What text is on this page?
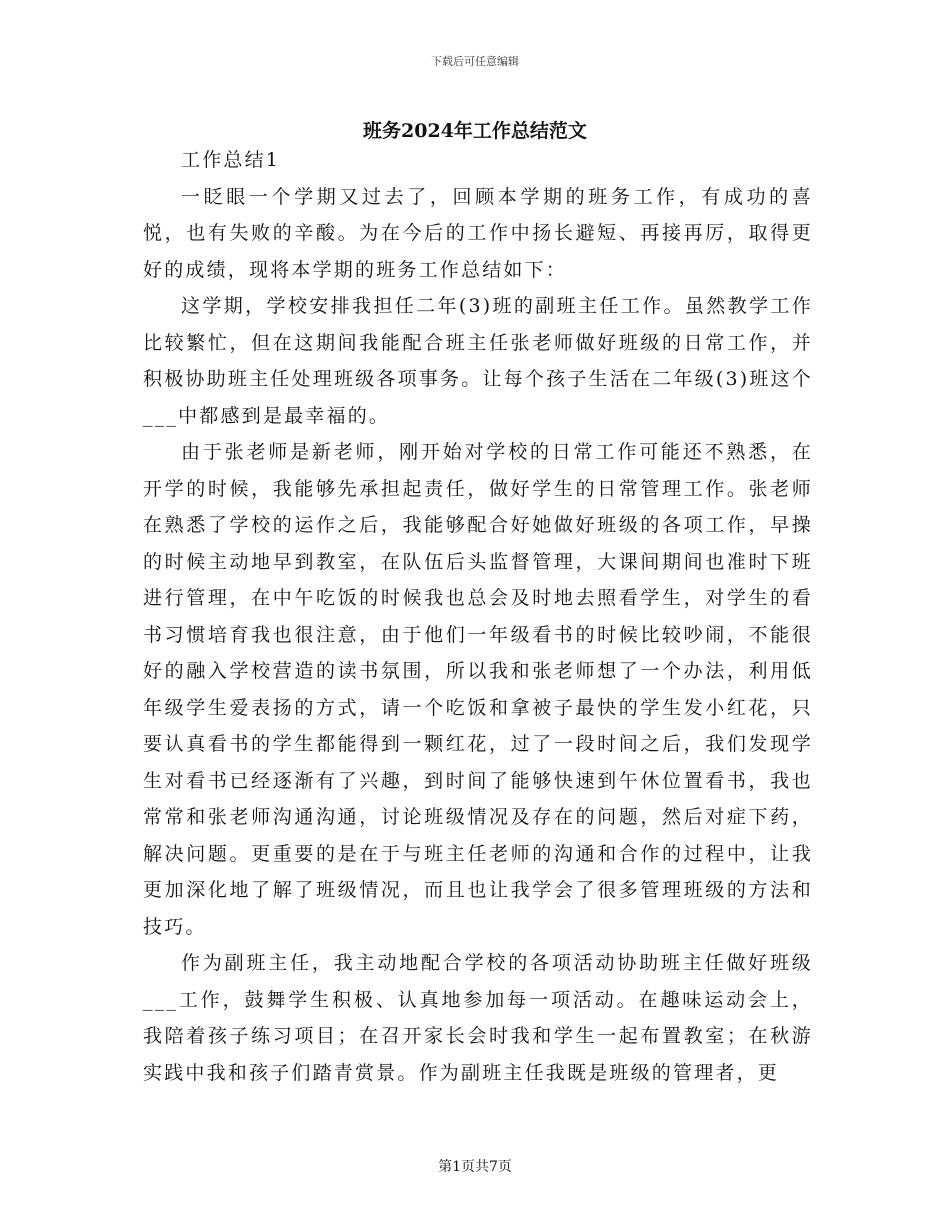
下载后可任意编辑
班务2024年工作总结范文

工作总结1

一眨眼一个学期又过去了，回顾本学期的班务工作，有成功的喜悦，也有失败的辛酸。为在今后的工作中扬长避短、再接再厉，取得更好的成绩，现将本学期的班务工作总结如下：

这学期，学校安排我担任二年(3)班的副班主任工作。虽然教学工作比较繁忙，但在这期间我能配合班主任张老师做好班级的日常工作，并积极协助班主任处理班级各项事务。让每个孩子生活在二年级(3)班这个___中都感到是最幸福的。

由于张老师是新老师，刚开始对学校的日常工作可能还不熟悉，在开学的时候，我能够先承担起责任，做好学生的日常管理工作。张老师在熟悉了学校的运作之后，我能够配合好她做好班级的各项工作，早操的时候主动地早到教室，在队伍后头监督管理，大课间期间也准时下班进行管理，在中午吃饭的时候我也总会及时地去照看学生，对学生的看书习惯培育我也很注意，由于他们一年级看书的时候比较吵闹，不能很好的融入学校营造的读书氛围，所以我和张老师想了一个办法，利用低年级学生爱表扬的方式，请一个吃饭和拿被子最快的学生发小红花，只要认真看书的学生都能得到一颗红花，过了一段时间之后，我们发现学生对看书已经逐渐有了兴趣，到时间了能够快速到午休位置看书，我也常常和张老师沟通沟通，讨论班级情况及存在的问题，然后对症下药，解决问题。更重要的是在于与班主任老师的沟通和合作的过程中，让我更加深化地了解了班级情况，而且也让我学会了很多管理班级的方法和技巧。

作为副班主任，我主动地配合学校的各项活动协助班主任做好班级___工作，鼓舞学生积极、认真地参加每一项活动。在趣味运动会上，我陪着孩子练习项目；在召开家长会时我和学生一起布置教室；在秋游实践中我和孩子们踏青赏景。作为副班主任我既是班级的管理者，更

第1页共7页
